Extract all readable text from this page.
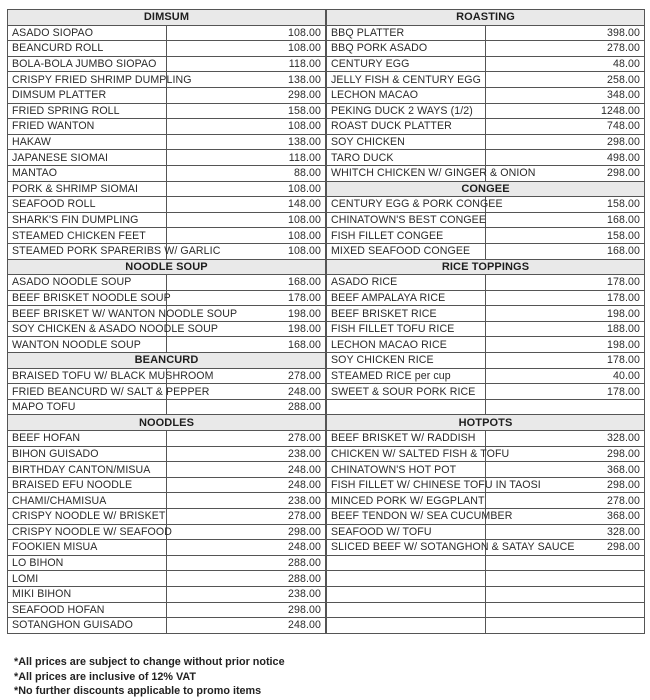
DIMSUM	
ASADO SIOPAO	108.00
BEANCURD ROLL	108.00
BOLA-BOLA JUMBO SIOPAO	118.00
CRISPY FRIED SHRIMP DUMPLING	138.00
DIMSUM PLATTER	298.00
FRIED SPRING ROLL	158.00
FRIED WANTON	108.00
HAKAW	138.00
JAPANESE SIOMAI	118.00
MANTAO	88.00
PORK & SHRIMP SIOMAI	108.00
SEAFOOD ROLL	148.00
SHARK'S FIN DUMPLING	108.00
STEAMED CHICKEN FEET	108.00
STEAMED PORK SPARERIBS W/ GARLIC	108.00
NOODLE SOUP	
ASADO NOODLE SOUP	168.00
BEEF BRISKET NOODLE SOUP	178.00
BEEF BRISKET W/ WANTON NOODLE SOUP	198.00
SOY CHICKEN & ASADO NOODLE SOUP	198.00
WANTON NOODLE SOUP	168.00
BEANCURD	
BRAISED TOFU W/ BLACK MUSHROOM	278.00
FRIED BEANCURD W/ SALT & PEPPER	248.00
MAPO TOFU	288.00
NOODLES	
BEEF HOFAN	278.00
BIHON GUISADO	238.00
BIRTHDAY CANTON/MISUA	248.00
BRAISED EFU NOODLE	248.00
CHAMI/CHAMISUA	238.00
CRISPY NOODLE W/ BRISKET	278.00
CRISPY NOODLE W/ SEAFOOD	298.00
FOOKIEN MISUA	248.00
LO BIHON	288.00
LOMI	288.00
MIKI BIHON	238.00
SEAFOOD HOFAN	298.00
SOTANGHON GUISADO	248.00
ROASTING	
BBQ PLATTER	398.00
BBQ PORK ASADO	278.00
CENTURY EGG	48.00
JELLY FISH & CENTURY EGG	258.00
LECHON MACAO	348.00
PEKING DUCK 2 WAYS (1/2)	1248.00
ROAST DUCK PLATTER	748.00
SOY CHICKEN	298.00
TARO DUCK	498.00
WHITCH CHICKEN W/ GINGER & ONION	298.00
CONGEE	
CENTURY EGG & PORK CONGEE	158.00
CHINATOWN'S BEST CONGEE	168.00
FISH FILLET CONGEE	158.00
MIXED SEAFOOD CONGEE	168.00
RICE TOPPINGS	
ASADO RICE	178.00
BEEF AMPALAYA RICE	178.00
BEEF BRISKET RICE	198.00
FISH FILLET TOFU RICE	188.00
LECHON MACAO RICE	198.00
SOY CHICKEN RICE	178.00
STEAMED RICE per cup	40.00
SWEET & SOUR PORK RICE	178.00

HOTPOTS	
BEEF BRISKET W/ RADDISH	328.00
CHICKEN W/ SALTED FISH & TOFU	298.00
CHINATOWN'S HOT POT	368.00
FISH FILLET W/ CHINESE TOFU IN TAOSI	298.00
MINCED PORK W/ EGGPLANT	278.00
BEEF TENDON W/ SEA CUCUMBER	368.00
SEAFOOD W/ TOFU	328.00
SLICED BEEF W/ SOTANGHON & SATAY SAUCE	298.00

*All prices are subject to change without prior notice
*All prices are inclusive of 12% VAT
*No further discounts applicable to promo items
